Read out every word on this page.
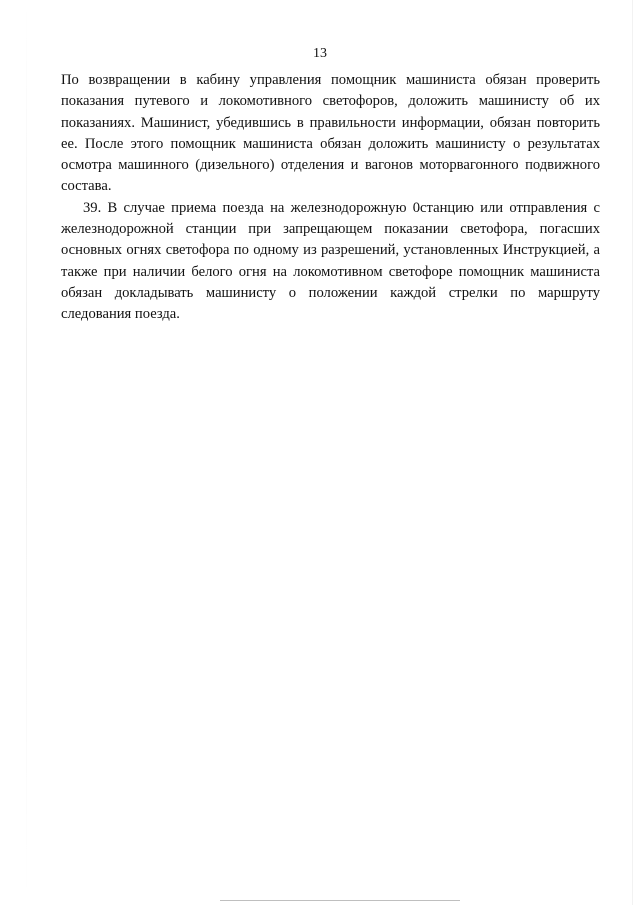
13

По возвращении в кабину управления помощник машиниста обязан проверить показания путевого и локомотивного светофоров, доложить машинисту об их показаниях. Машинист, убедившись в правильности информации, обязан повторить ее. После этого помощник машиниста обязан доложить машинисту о результатах осмотра машинного (дизельного) отделения и вагонов моторвагонного подвижного состава.

39. В случае приема поезда на железнодорожную 0станцию или отправления с железнодорожной станции при запрещающем показании светофора, погасших основных огнях светофора по одному из разрешений, установленных Инструкцией, а также при наличии белого огня на локомотивном светофоре помощник машиниста обязан докладывать машинисту о положении каждой стрелки по маршруту следования поезда.
